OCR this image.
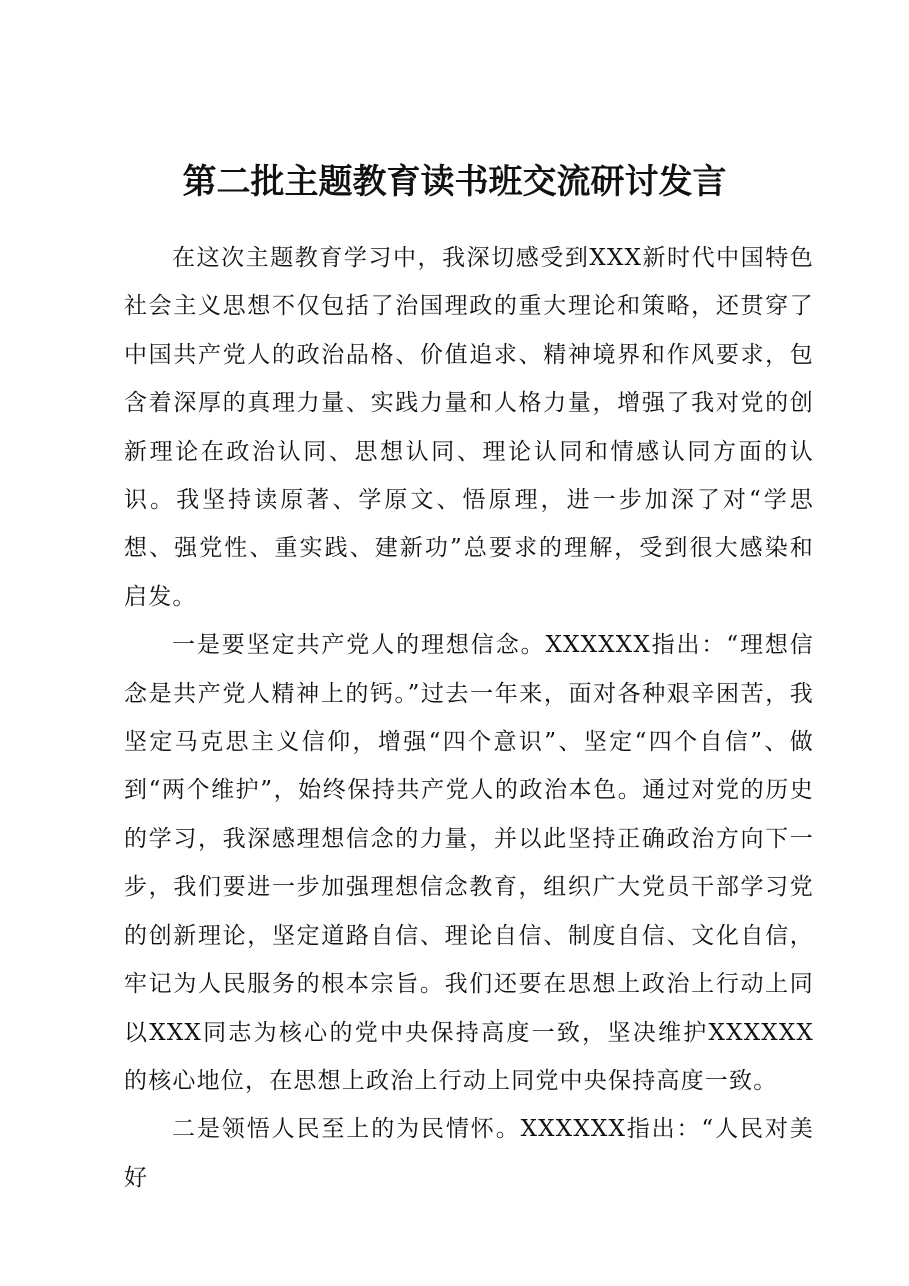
第二批主题教育读书班交流研讨发言

在这次主题教育学习中，我深切感受到XXX新时代中国特色社会主义思想不仅包括了治国理政的重大理论和策略，还贯穿了中国共产党人的政治品格、价值追求、精神境界和作风要求，包含着深厚的真理力量、实践力量和人格力量，增强了我对党的创新理论在政治认同、思想认同、理论认同和情感认同方面的认识。我坚持读原著、学原文、悟原理，进一步加深了对“学思想、强党性、重实践、建新功”总要求的理解，受到很大感染和启发。

一是要坚定共产党人的理想信念。XXXXXX指出：“理想信念是共产党人精神上的钙。”过去一年来，面对各种艰辛困苦，我坚定马克思主义信仰，增强“四个意识”、坚定“四个自信”、做到“两个维护”，始终保持共产党人的政治本色。通过对党的历史的学习，我深感理想信念的力量，并以此坚持正确政治方向下一步，我们要进一步加强理想信念教育，组织广大党员干部学习党的创新理论，坚定道路自信、理论自信、制度自信、文化自信，牢记为人民服务的根本宗旨。我们还要在思想上政治上行动上同以XXX同志为核心的党中央保持高度一致，坚决维护XXXXXX的核心地位，在思想上政治上行动上同党中央保持高度一致。

二是领悟人民至上的为民情怀。XXXXXX指出：“人民对美好
